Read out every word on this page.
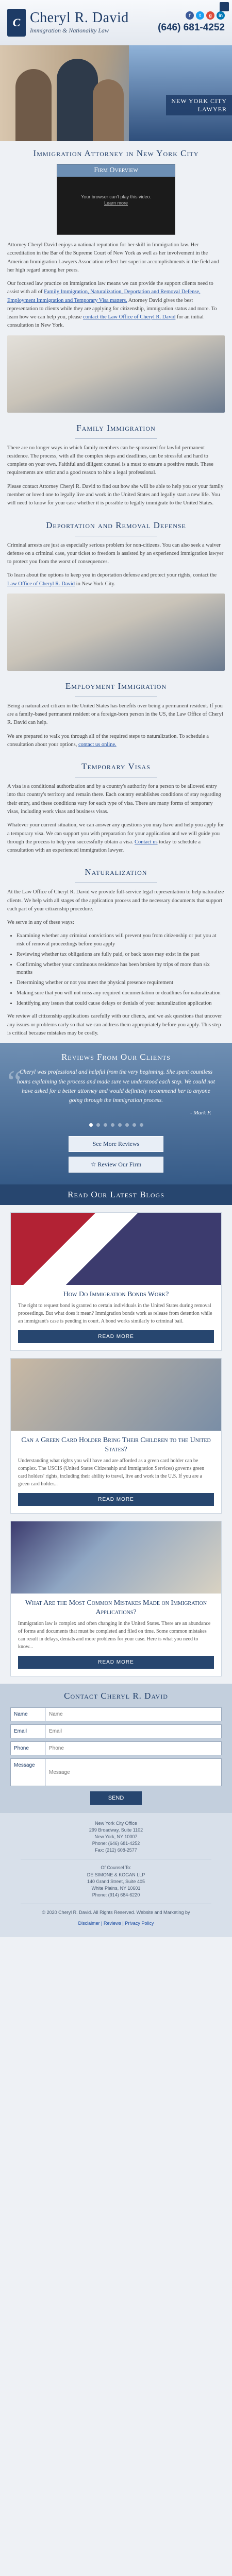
C Cheryl R. David
Immigration & Nationality Law
f	t	g	in
(646) 681-4252
NEW YORK CITY
LAWYER
Immigration Attorney in New York City
Firm Overview
Your browser can't play this video.
Learn more

Attorney Cheryl David enjoys a national reputation for her skill in Immigration law. Her accreditation in the Bar of the Supreme Court of New York as well as her involvement in the American Immigration Lawyers Association reflect her superior accomplishments in the field and her high regard among her peers.

Our focused law practice on immigration law means we can provide the support clients need to assist with all of Family Immigration, Naturalization, Deportation and Removal Defense, Employment Immigration and Temporary Visa matters. Attorney David gives the best representation to clients while they are applying for citizenship, immigration status and more. To learn how we can help you, please contact the Law Office of Cheryl R. David for an initial consultation in New York.

Family Immigration

There are no longer ways in which family members can be sponsored for lawful permanent residence. The process, with all the complex steps and deadlines, can be stressful and hard to complete on your own. Faithful and diligent counsel is a must to ensure a positive result. These requirements are strict and a good reason to hire a legal professional.

Please contact Attorney Cheryl R. David to find out how she will be able to help you or your family member or loved one to legally live and work in the United States and legally start a new life. You will need to know for your case whether it is possible to legally immigrate to the United States.

Deportation and Removal Defense

Criminal arrests are just as especially serious problem for non-citizens. You can also seek a waiver defense on a criminal case, your ticket to freedom is assisted by an experienced immigration lawyer to protect you from the worst of consequences.

To learn about the options to keep you in deportation defense and protect your rights, contact the Law Office of Cheryl R. David in New York City.

Employment Immigration

Being a naturalized citizen in the United States has benefits over being a permanent resident. If you are a family-based permanent resident or a foreign-born person in the US, the Law Office of Cheryl R. David can help.

We are prepared to walk you through all of the required steps to naturalization. To schedule a consultation about your options, contact us online.

Temporary Visas

A visa is a conditional authorization and by a country's authority for a person to be allowed entry into that country's territory and remain there. Each country establishes conditions of stay regarding their entry, and these conditions vary for each type of visa. There are many forms of temporary visas, including work visas and business visas.

Whatever your current situation, we can answer any questions you may have and help you apply for a temporary visa. We can support you with preparation for your application and we will guide you through the process to help you successfully obtain a visa. Contact us today to schedule a consultation with an experienced immigration lawyer.

Naturalization

At the Law Office of Cheryl R. David we provide full-service legal representation to help naturalize clients. We help with all stages of the application process and the necessary documents that support each part of your citizenship procedure.

We serve in any of these ways:

• Examining whether any criminal convictions will prevent you from citizenship or put you at risk of removal proceedings before you apply
• Reviewing whether tax obligations are fully paid, or back taxes may exist in the past
• Confirming whether your continuous residence has been broken by trips of more than six months
• Determining whether or not you meet the physical presence requirement
• Making sure that you will not miss any required documentation or deadlines for naturalization
• Identifying any issues that could cause delays or denials of your naturalization application

We review all citizenship applications carefully with our clients, and we ask questions that uncover any issues or problems early so that we can address them appropriately before you apply. This step is critical because mistakes may be costly.

Reviews From Our Clients
“
Cheryl was professional and helpful from the very beginning. She spent countless hours explaining the process and made sure we understood each step. We could not have asked for a better attorney and would definitely recommend her to anyone going through the immigration process.
- Mark F.
See More Reviews
☆ Review Our Firm
Read Our Latest Blogs
How Do Immigration Bonds Work?

The right to request bond is granted to certain individuals in the United States during removal proceedings. But what does it mean? Immigration bonds work as release from detention while an immigrant's case is pending in court. A bond works similarly to criminal bail.

READ MORE
Can a Green Card Holder Bring Their Children to the United States?

Understanding what rights you will have and are afforded as a green card holder can be complex. The USCIS (United States Citizenship and Immigration Services) governs green card holders' rights, including their ability to travel, live and work in the U.S. If you are a green card holder...

READ MORE
What Are the Most Common Mistakes Made on Immigration Applications?

Immigration law is complex and often changing in the United States. There are an abundance of forms and documents that must be completed and filed on time. Some common mistakes can result in delays, denials and more problems for your case. Here is what you need to know...

READ MORE
Contact Cheryl R. David
Name
Name
Email
Email
Phone
Phone
Message
Message
SEND

New York City Office

299 Broadway, Suite 1102

New York, NY 10007

Phone: (646) 681-4252

Fax: (212) 608-2577

Of Counsel To:

DE SIMONE & KOGAN LLP

140 Grand Street, Suite 405

White Plains, NY 10601

Phone: (914) 684-6220

© 2020 Cheryl R. David. All Rights Reserved. Website and Marketing by

Disclaimer | Reviews | Privacy Policy
